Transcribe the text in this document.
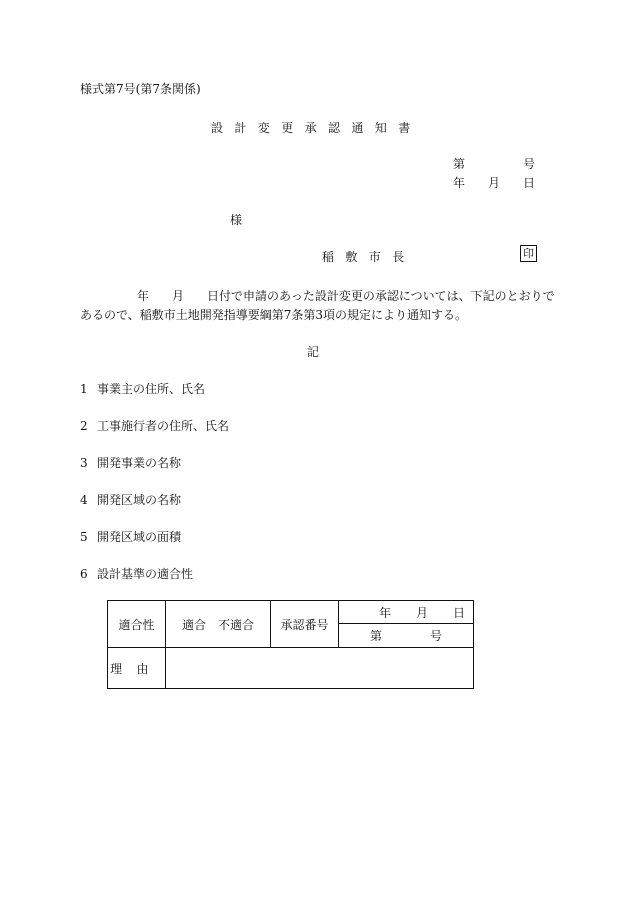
様式第7号(第7条関係)
設計変更承認通知書
第	号
年 月 日
様
稲敷市長	印
年 月 日付で申請のあった設計変更の承認については、下記のとおりで
あるので、稲敷市土地開発指導要綱第7条第3項の規定により通知する。
記
1 事業主の住所、氏名
2 工事施行者の住所、氏名
3 開発事業の名称
4 開発区域の名称
5 開発区域の面積
6 設計基準の適合性
適合性	適合　不適合	承認番号	年 月 日
			第 号
理由			
